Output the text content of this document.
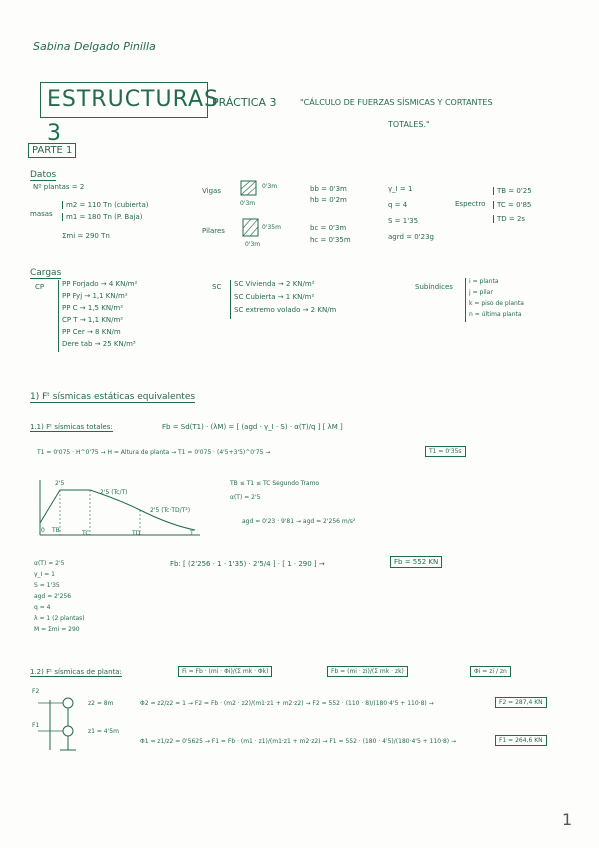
Sabina Delgado Pinilla
ESTRUCTURAS 3
PRÁCTICA 3	"CÁLCULO DE FUERZAS SÍSMICAS Y CORTANTES
TOTALES."
PARTE 1
Datos
Nº plantas = 2
masas
m2 = 110 Tn (cubierta)
m1 = 180 Tn (P. Baja)
Σmi = 290 Tn
Vigas
0'3m
0'3m
bb = 0'3m
hb = 0'2m
Pilares	0'35m
0'3m
bc = 0'3m
hc = 0'35m
γ_I = 1
q = 4
S = 1'35
agrd = 0'23g
Espectro
TB = 0'25
TC = 0'85
TD = 2s
Cargas
CP	PP Forjado → 4 KN/m²
PP Fyj → 1,1 KN/m²
PP C → 1,5 KN/m²
CP T → 1,1 KN/m²
PP Cer → 8 KN/m
Dere tab → 25 KN/m³
SC SC Vivienda → 2 KN/m²
SC Cubierta → 1 KN/m²
SC extremo volado → 2 KN/m
Subíndices
i = planta
j = pilar
k = piso de planta
n = última planta
1) Fᵗ sísmicas estáticas equivalentes
1.1) Fᵗ sísmicas totales:	Fb = Sd(T1) · (λM) = [ (agd · γ_I · S) · α(T)/q ] [ λM ]
T1 = 0'075 · H^0'75 → H = Altura de planta → T1 = 0'075 · (4'5+3'5)^0'75 →	T1 = 0'35s
2'5
2'5 (Tc/T)
2'5 (Tc·TD/T²)
TB	TC	TD	T
0
TB ≤ T1 ≤ TC Segundo Tramo
α(T) = 2'5
agd = 0'23 · 9'81 → agd = 2'256 m/s²
α(T) = 2'5
γ_I = 1
S = 1'35
agd = 2'256
q = 4
λ = 1 (2 plantas)
M = Σmi = 290
Fb: [ (2'256 · 1 · 1'35) · 2'5/4 ] · [ 1 · 290 ] →	Fb = 552 KN
1.2) Fᵗ sísmicas de planta:	Fi = Fb · (mi · Φi)/(Σ mk · Φk)	Fb = (mi · zi)/(Σ mk · zk)	Φi = zi / zn
F2
F1
z2 = 8m
z1 = 4'5m
Φ2 = z2/z2 = 1 → F2 = Fb · (m2 · z2)/(m1·z1 + m2·z2) → F2 = 552 · (110 · 8)/(180·4'5 + 110·8) →	F2 = 287,4 KN
Φ1 = z1/z2 = 0'5625 → F1 = Fb · (m1 · z1)/(m1·z1 + m2·z2) → F1 = 552 · (180 · 4'5)/(180·4'5 + 110·8) →	F1 = 264,6 KN
1
